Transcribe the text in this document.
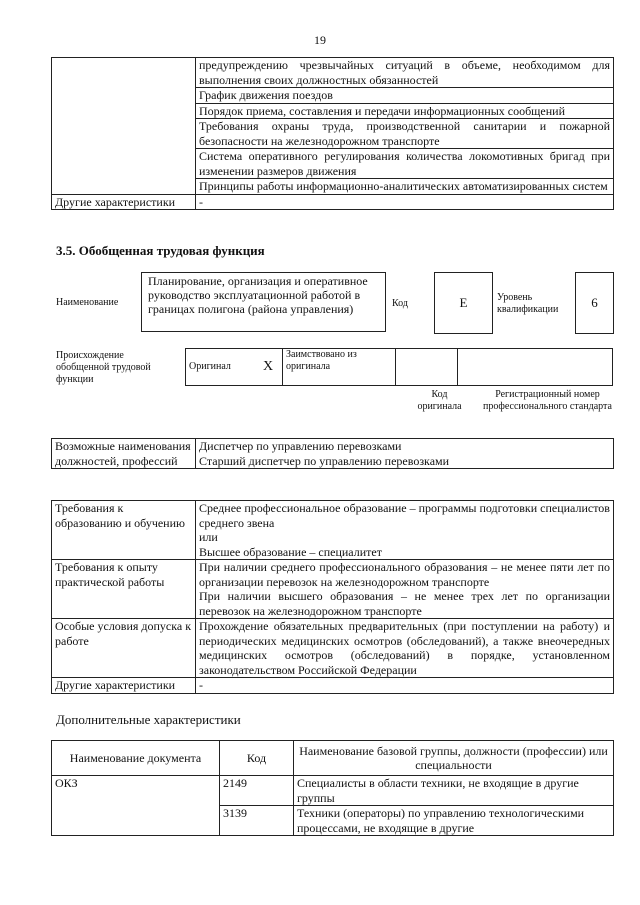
19
	предупреждению чрезвычайных ситуаций в объеме, необходимом для выполнения своих должностных обязанностей
	График движения поездов
	Порядок приема, составления и передачи информационных сообщений
	Требования охраны труда, производственной санитарии и пожарной безопасности на железнодорожном транспорте
	Система оперативного регулирования количества локомотивных бригад при изменении размеров движения
	Принципы работы информационно-аналитических автоматизированных систем
Другие характеристики	-
3.5. Обобщенная трудовая функция
Наименование
Планирование, организация и оперативное руководство эксплуатационной работой в границах полигона (района управления)	Код	E	Уровень квалификации	6
Происхождение обобщенной трудовой функции
Оригинал	X	Заимствовано из оригинала		
Код оригинала
Регистрационный номер профессионального стандарта
Возможные наименования должностей, профессий	
Диспетчер по управлению перевозками
Старший диспетчер по управлению перевозками
Требования к образованию и обучению	Среднее профессиональное образование – программы подготовки специалистов среднего звена
или
Высшее образование – специалитет

Требования к опыту практической работы	При наличии среднего профессионального образования – не менее пяти лет по организации перевозок на железнодорожном транспорте
При наличии высшего образования – не менее трех лет по организации перевозок на железнодорожном транспорте

Особые условия допуска к работе	Прохождение обязательных предварительных (при поступлении на работу) и периодических медицинских осмотров (обследований), а также внеочередных медицинских осмотров (обследований) в порядке, установленном законодательством Российской Федерации
Другие характеристики	-
Дополнительные характеристики
Наименование документа	Код	Наименование базовой группы, должности (профессии) или специальности
ОКЗ	2149	Специалисты в области техники, не входящие в другие группы
	3139	Техники (операторы) по управлению технологическими процессами, не входящие в другие
